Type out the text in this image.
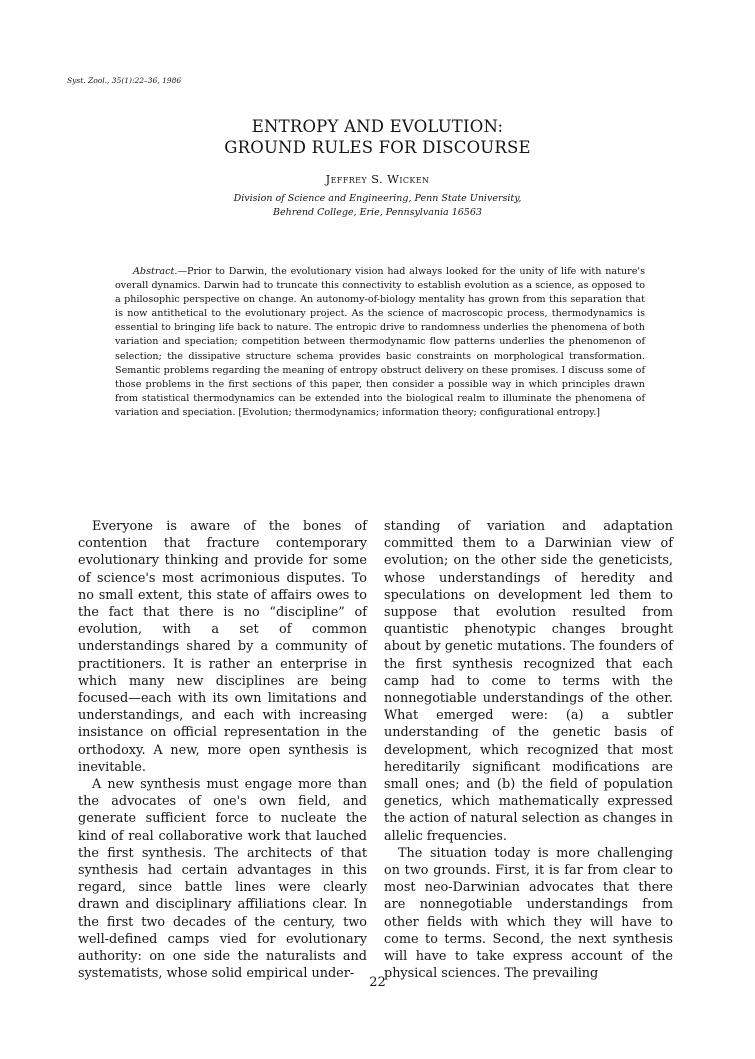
Syst. Zool., 35(1):22–36, 1986
ENTROPY AND EVOLUTION:
GROUND RULES FOR DISCOURSE
Jeffrey S. Wicken
Division of Science and Engineering, Penn State University,
Behrend College, Erie, Pennsylvania 16563

Abstract.—Prior to Darwin, the evolutionary vision had always looked for the unity of life with nature's overall dynamics. Darwin had to truncate this connectivity to establish evolution as a science, as opposed to a philosophic perspective on change. An autonomy-of-biology mentality has grown from this separation that is now antithetical to the evolutionary project. As the science of macroscopic process, thermodynamics is essential to bringing life back to nature. The entropic drive to randomness underlies the phenomena of both variation and speciation; competition between thermodynamic flow patterns underlies the phenomenon of selection; the dissipative structure schema provides basic constraints on morphological transformation. Semantic problems regarding the meaning of entropy obstruct delivery on these promises. I discuss some of those problems in the first sections of this paper, then consider a possible way in which principles drawn from statistical thermodynamics can be extended into the biological realm to illuminate the phenomena of variation and speciation. [Evolution; thermodynamics; information theory; configurational entropy.]

Everyone is aware of the bones of contention that fracture contemporary evolutionary thinking and provide for some of science's most acrimonious disputes. To no small extent, this state of affairs owes to the fact that there is no “discipline” of evolution, with a set of common understandings shared by a community of practitioners. It is rather an enterprise in which many new disciplines are being focused—each with its own limitations and understandings, and each with increasing insistance on official representation in the orthodoxy. A new, more open synthesis is inevitable.

A new synthesis must engage more than the advocates of one's own field, and generate sufficient force to nucleate the kind of real collaborative work that lauched the first synthesis. The architects of that synthesis had certain advantages in this regard, since battle lines were clearly drawn and disciplinary affiliations clear. In the first two decades of the century, two well-defined camps vied for evolutionary authority: on one side the naturalists and systematists, whose solid empirical under-

standing of variation and adaptation committed them to a Darwinian view of evolution; on the other side the geneticists, whose understandings of heredity and speculations on development led them to suppose that evolution resulted from quantistic phenotypic changes brought about by genetic mutations. The founders of the first synthesis recognized that each camp had to come to terms with the nonnegotiable understandings of the other. What emerged were: (a) a subtler understanding of the genetic basis of development, which recognized that most hereditarily significant modifications are small ones; and (b) the field of population genetics, which mathematically expressed the action of natural selection as changes in allelic frequencies.

The situation today is more challenging on two grounds. First, it is far from clear to most neo-Darwinian advocates that there are nonnegotiable understandings from other fields with which they will have to come to terms. Second, the next synthesis will have to take express account of the physical sciences. The prevailing

22
